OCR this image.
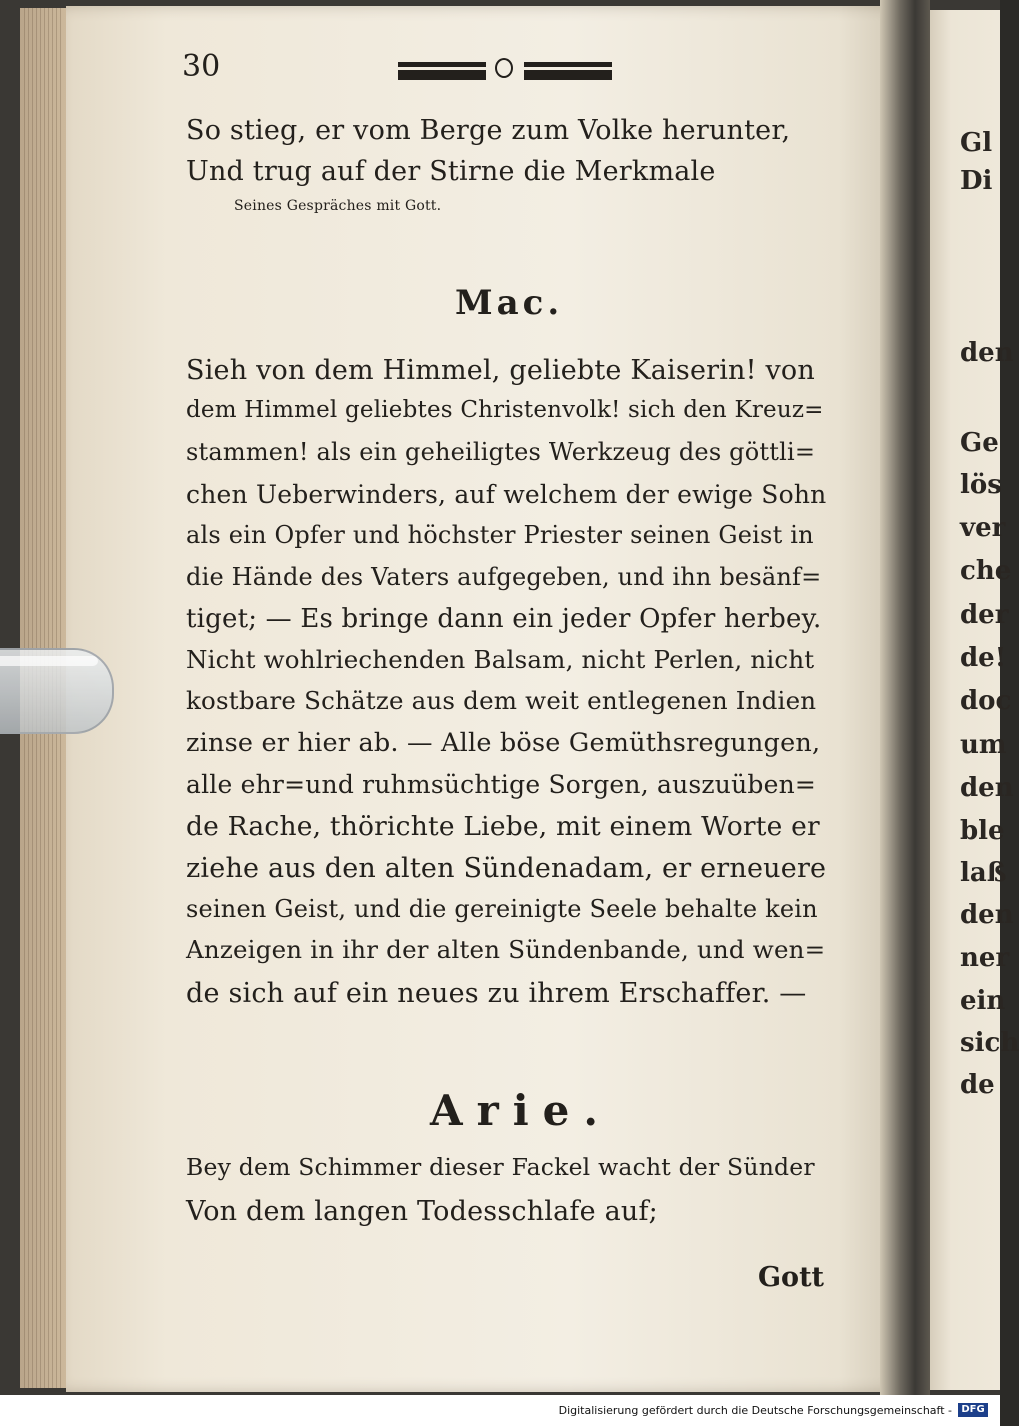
Gl
Di
den
Ge
lös
ver
che
der
de!
doc
um
den
ble
laß
den
ner
ein
sich
de
30
So stieg, er vom Berge zum Volke herunter,
Und trug auf der Stirne die Merkmale
Seines Gespräches mit Gott.
Mac.
Sieh von dem Himmel, geliebte Kaiserin! von
dem Himmel geliebtes Christenvolk! sich den Kreuz=
stammen! als ein geheiligtes Werkzeug des göttli=
chen Ueberwinders, auf welchem der ewige Sohn
als ein Opfer und höchster Priester seinen Geist in
die Hände des Vaters aufgegeben, und ihn besänf=
tiget; — Es bringe dann ein jeder Opfer herbey.
Nicht wohlriechenden Balsam, nicht Perlen, nicht
kostbare Schätze aus dem weit entlegenen Indien
zinse er hier ab. — Alle böse Gemüthsregungen,
alle ehr=und ruhmsüchtige Sorgen, auszuüben=
de Rache, thörichte Liebe, mit einem Worte er
ziehe aus den alten Sündenadam, er erneuere
seinen Geist, und die gereinigte Seele behalte kein
Anzeigen in ihr der alten Sündenbande, und wen=
de sich auf ein neues zu ihrem Erschaffer. —
Arie.
Bey dem Schimmer dieser Fackel wacht der Sünder
Von dem langen Todesschlafe auf;
Gott
Digitalisierung gefördert durch die Deutsche Forschungsgemeinschaft - DFG
